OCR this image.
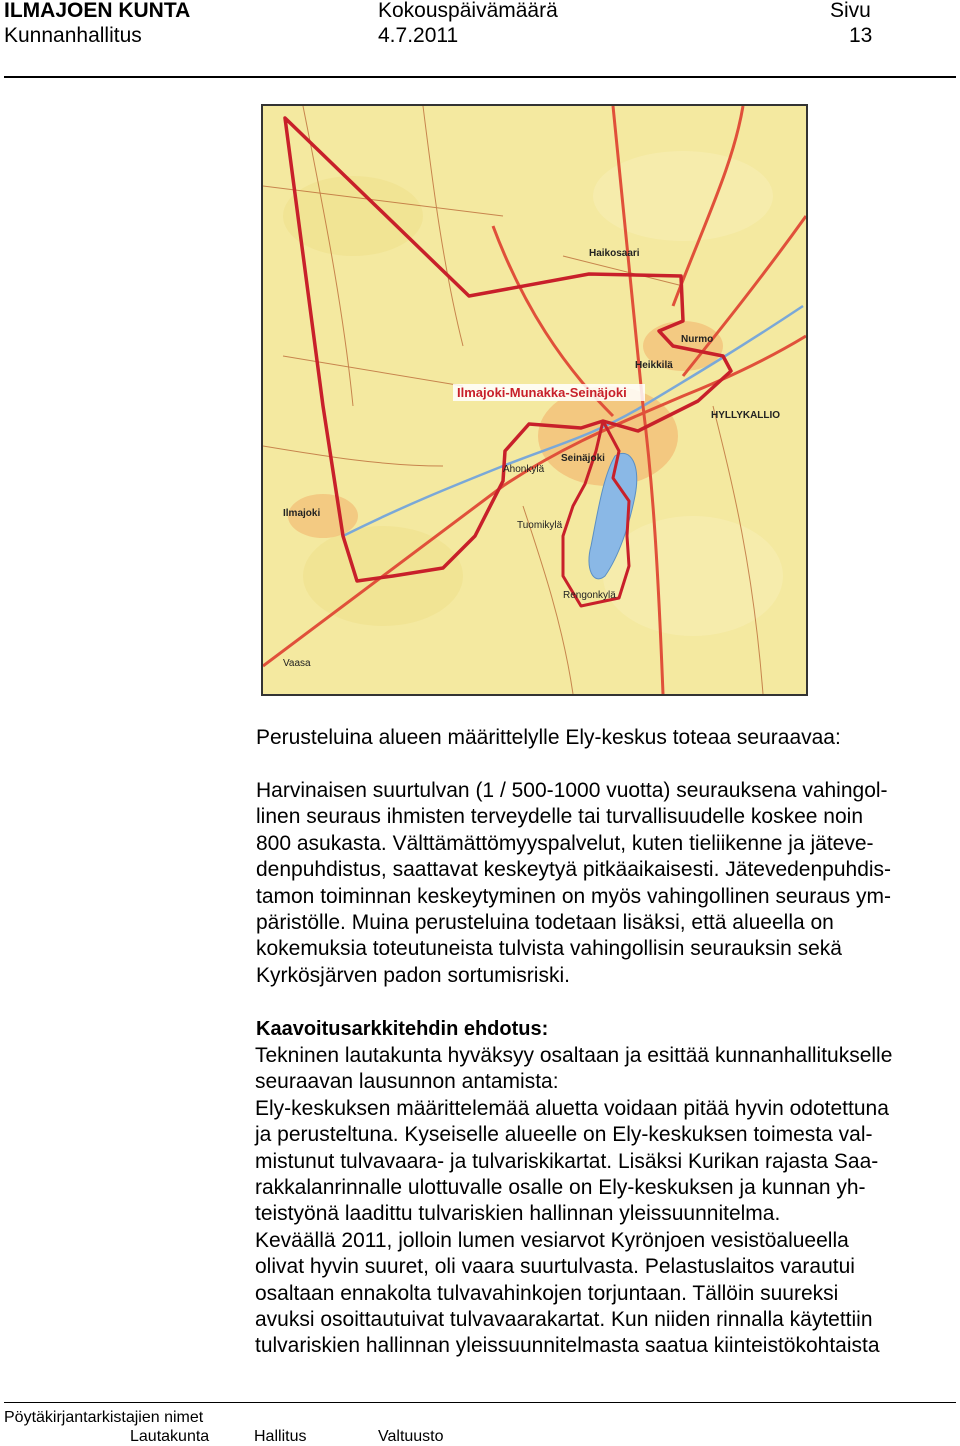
ILMAJOEN KUNTA
Kunnanhallitus
Kokouspäivämäärä
4.7.2011
Sivu
13
Ilmajoki-Munakka-Seinäjoki
Seinäjoki
Ilmajoki
Nurmo
Haikosaari
Heikkilä
Ahonkylä
Tuomikylä
Rengonkylä
HYLLYKALLIO
Vaasa
Perusteluina alueen määrittelylle Ely-keskus toteaa seuraavaa:
Harvinaisen suurtulvan (1 / 500-1000 vuotta) seurauksena vahingol-
linen seuraus ihmisten terveydelle tai turvallisuudelle koskee noin
800 asukasta. Välttämättömyyspalvelut, kuten tieliikenne ja jäteve-
denpuhdistus, saattavat keskeytyä pitkäaikaisesti. Jätevedenpuhdis-
tamon toiminnan keskeytyminen on myös vahingollinen seuraus ym-
päristölle. Muina perusteluina todetaan lisäksi, että alueella on
kokemuksia toteutuneista tulvista vahingollisin seurauksin sekä
Kyrkösjärven padon sortumisriski.
Kaavoitusarkkitehdin ehdotus:
Tekninen lautakunta hyväksyy osaltaan ja esittää kunnanhallitukselle
seuraavan lausunnon antamista:
Ely-keskuksen määrittelemää aluetta voidaan pitää hyvin odotettuna
ja perusteltuna. Kyseiselle alueelle on Ely-keskuksen toimesta val-
mistunut tulvavaara- ja tulvariskikartat. Lisäksi Kurikan rajasta Saa-
rakkalanrinnalle ulottuvalle osalle on Ely-keskuksen ja kunnan yh-
teistyönä laadittu tulvariskien hallinnan yleissuunnitelma.
Keväällä 2011, jolloin lumen vesiarvot Kyrönjoen vesistöalueella
olivat hyvin suuret, oli vaara suurtulvasta. Pelastuslaitos varautui
osaltaan ennakolta tulvavahinkojen torjuntaan. Tällöin suureksi
avuksi osoittautuivat tulvavaarakartat. Kun niiden rinnalla käytettiin
tulvariskien hallinnan yleissuunnitelmasta saatua kiinteistökohtaista
Pöytäkirjantarkistajien nimet
Lautakunta	Hallitus	Valtuusto
